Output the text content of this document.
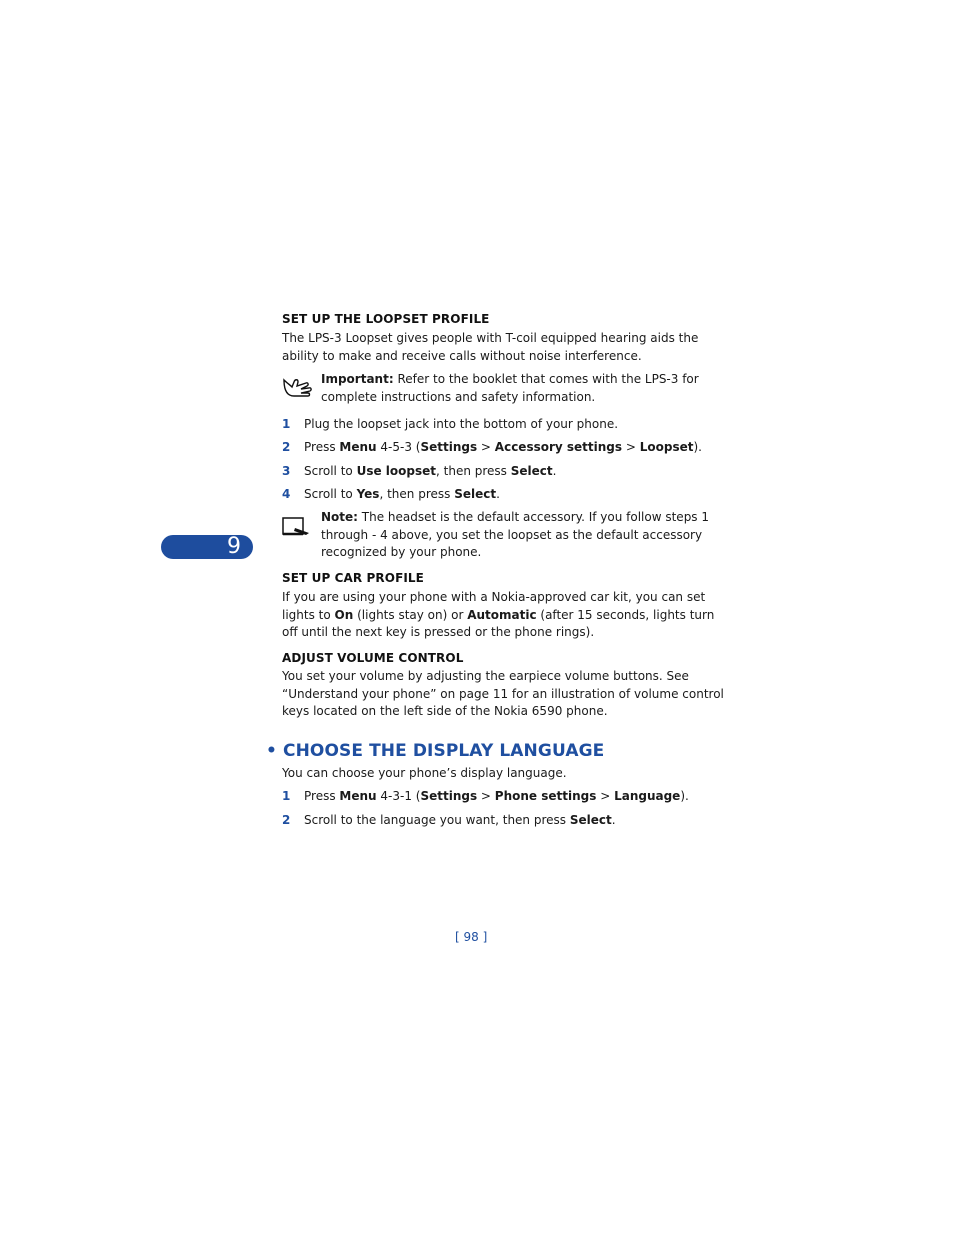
9
SET UP THE LOOPSET PROFILE
The LPS-3 Loopset gives people with T-coil equipped hearing aids the
ability to make and receive calls without noise interference.
Important: Refer to the booklet that comes with the LPS-3 for
complete instructions and safety information.
1 Plug the loopset jack into the bottom of your phone.
2 Press Menu 4-5-3 (Settings > Accessory settings > Loopset).
3 Scroll to Use loopset, then press Select.
4 Scroll to Yes, then press Select.
Note: The headset is the default accessory. If you follow steps 1
through - 4 above, you set the loopset as the default accessory
recognized by your phone.
SET UP CAR PROFILE
If you are using your phone with a Nokia-approved car kit, you can set
lights to On (lights stay on) or Automatic (after 15 seconds, lights turn
off until the next key is pressed or the phone rings).
ADJUST VOLUME CONTROL
You set your volume by adjusting the earpiece volume buttons. See
“Understand your phone” on page 11 for an illustration of volume control
keys located on the left side of the Nokia 6590 phone.
• CHOOSE THE DISPLAY LANGUAGE
You can choose your phone’s display language.
1 Press Menu 4-3-1 (Settings > Phone settings > Language).
2 Scroll to the language you want, then press Select.
[ 98 ]
